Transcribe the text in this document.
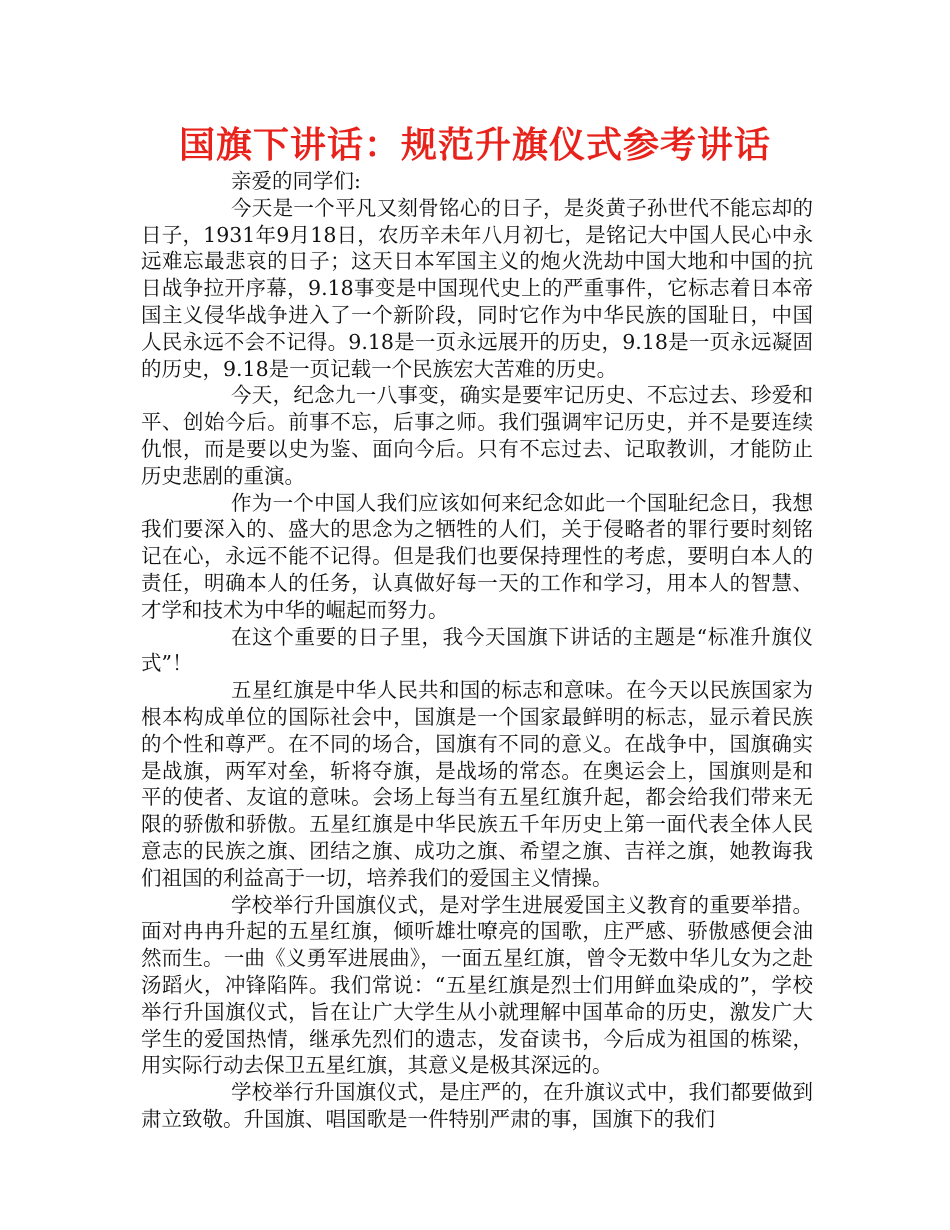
国旗下讲话：规范升旗仪式参考讲话

亲爱的同学们:

今天是一个平凡又刻骨铭心的日子，是炎黄子孙世代不能忘却的日子，1931年9月18日，农历辛未年八月初七，是铭记大中国人民心中永远难忘最悲哀的日子；这天日本军国主义的炮火洗劫中国大地和中国的抗日战争拉开序幕，9.18事变是中国现代史上的严重事件，它标志着日本帝国主义侵华战争进入了一个新阶段，同时它作为中华民族的国耻日，中国人民永远不会不记得。9.18是一页永远展开的历史，9.18是一页永远凝固的历史，9.18是一页记载一个民族宏大苦难的历史。

今天，纪念九一八事变，确实是要牢记历史、不忘过去、珍爱和平、创始今后。前事不忘，后事之师。我们强调牢记历史，并不是要连续仇恨，而是要以史为鉴、面向今后。只有不忘过去、记取教训，才能防止历史悲剧的重演。

作为一个中国人我们应该如何来纪念如此一个国耻纪念日，我想我们要深入的、盛大的思念为之牺牲的人们，关于侵略者的罪行要时刻铭记在心，永远不能不记得。但是我们也要保持理性的考虑，要明白本人的责任，明确本人的任务，认真做好每一天的工作和学习，用本人的智慧、才学和技术为中华的崛起而努力。

在这个重要的日子里，我今天国旗下讲话的主题是“标准升旗仪式”！

五星红旗是中华人民共和国的标志和意味。在今天以民族国家为根本构成单位的国际社会中，国旗是一个国家最鲜明的标志，显示着民族的个性和尊严。在不同的场合，国旗有不同的意义。在战争中，国旗确实是战旗，两军对垒，斩将夺旗，是战场的常态。在奥运会上，国旗则是和平的使者、友谊的意味。会场上每当有五星红旗升起，都会给我们带来无限的骄傲和骄傲。五星红旗是中华民族五千年历史上第一面代表全体人民意志的民族之旗、团结之旗、成功之旗、希望之旗、吉祥之旗，她教诲我们祖国的利益高于一切，培养我们的爱国主义情操。

学校举行升国旗仪式，是对学生进展爱国主义教育的重要举措。面对冉冉升起的五星红旗，倾听雄壮嘹亮的国歌，庄严感、骄傲感便会油然而生。一曲《义勇军进展曲》，一面五星红旗，曾令无数中华儿女为之赴汤蹈火，冲锋陷阵。我们常说：“五星红旗是烈士们用鲜血染成的”，学校举行升国旗仪式，旨在让广大学生从小就理解中国革命的历史，激发广大学生的爱国热情，继承先烈们的遗志，发奋读书，今后成为祖国的栋梁，用实际行动去保卫五星红旗，其意义是极其深远的。

学校举行升国旗仪式，是庄严的，在升旗议式中，我们都要做到肃立致敬。升国旗、唱国歌是一件特别严肃的事，国旗下的我们
